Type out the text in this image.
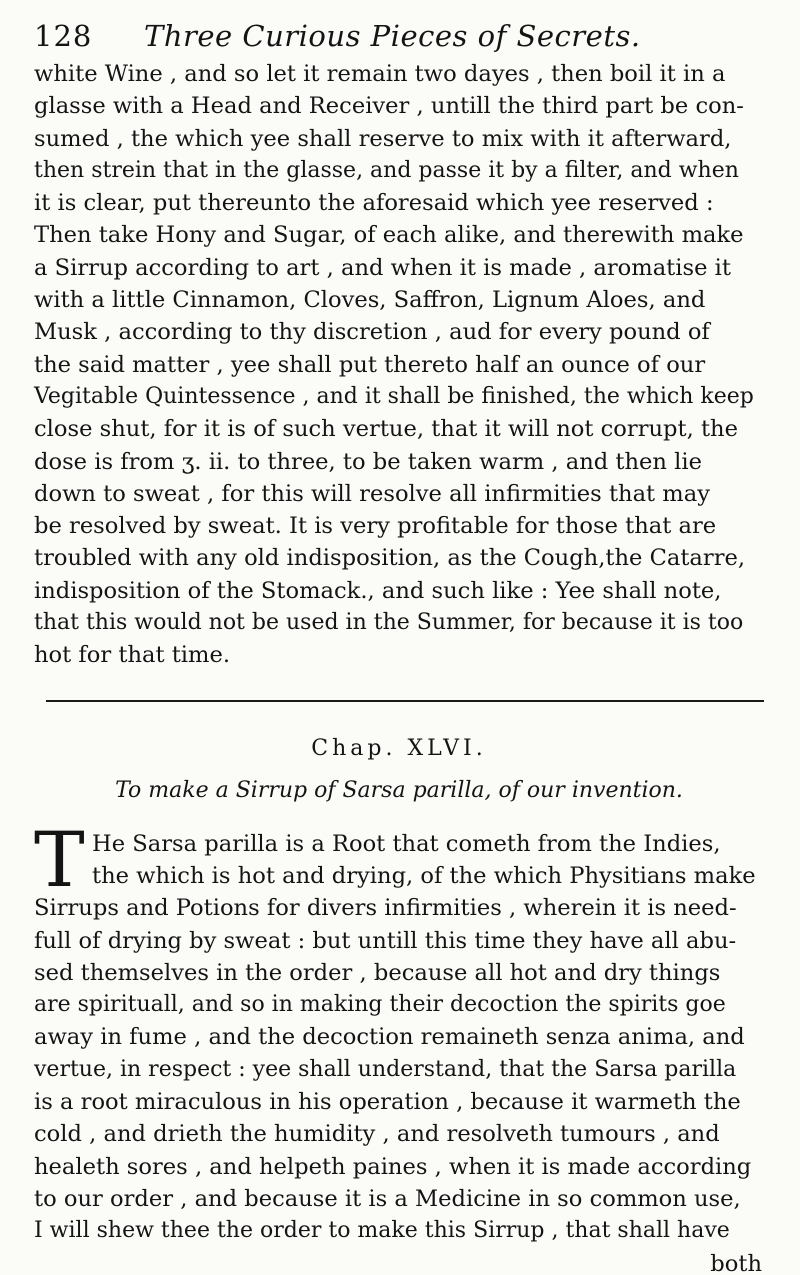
128	Three Curious Pieces of Secrets.
white Wine , and so let it remain two dayes , then boil it in a
glasse with a Head and Receiver , untill the third part be con-
sumed , the which yee shall reserve to mix with it afterward,
then strein that in the glasse, and passe it by a filter, and when
it is clear, put thereunto the aforesaid which yee reserved :
Then take Hony and Sugar, of each alike, and therewith make
a Sirrup according to art , and when it is made , aromatise it
with a little Cinnamon, Cloves, Saffron, Lignum Aloes, and
Musk , according to thy discretion , aud for every pound of
the said matter , yee shall put thereto half an ounce of our
Vegitable Quintessence , and it shall be finished, the which keep
close shut, for it is of such vertue, that it will not corrupt, the
dose is from ʒ. ii. to three, to be taken warm , and then lie
down to sweat , for this will resolve all infirmities that may
be resolved by sweat. It is very profitable for those that are
troubled with any old indisposition, as the Cough,the Catarre,
indisposition of the Stomack., and such like : Yee shall note,
that this would not be used in the Summer, for because it is too
hot for that time.
Chap. XLVI.
To make a Sirrup of Sarsa parilla, of our invention.
T He Sarsa parilla is a Root that cometh from the Indies,
the which is hot and drying, of the which Physitians make
Sirrups and Potions for divers infirmities , wherein it is need-
full of drying by sweat : but untill this time they have all abu-
sed themselves in the order , because all hot and dry things
are spirituall, and so in making their decoction the spirits goe
away in fume , and the decoction remaineth senza anima, and
vertue, in respect : yee shall understand, that the Sarsa parilla
is a root miraculous in his operation , because it warmeth the
cold , and drieth the humidity , and resolveth tumours , and
healeth sores , and helpeth paines , when it is made according
to our order , and because it is a Medicine in so common use,
I will shew thee the order to make this Sirrup , that shall have
both
